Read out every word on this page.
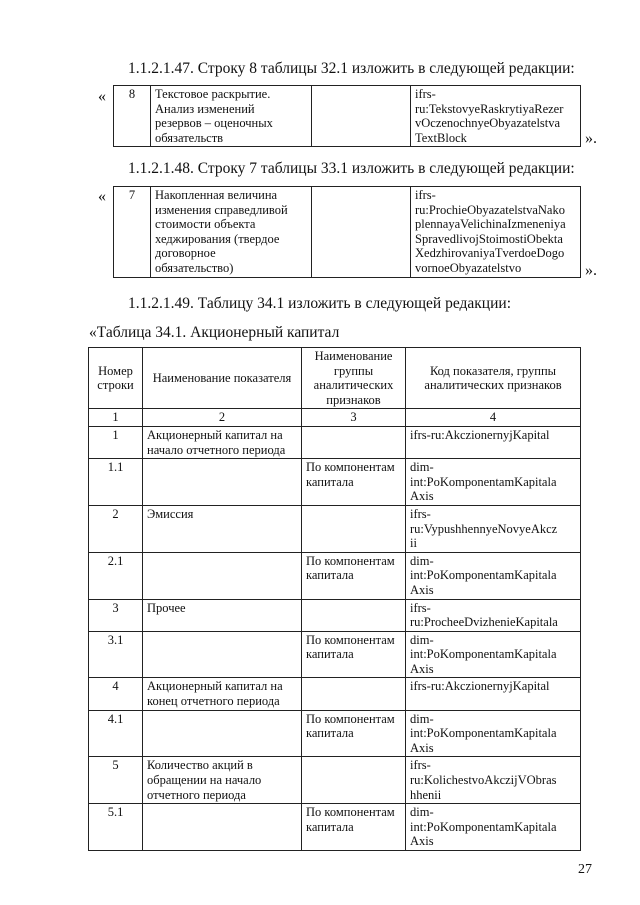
1.1.2.1.47. Строку 8 таблицы 32.1 изложить в следующей редакции:
« 8	Текстовое раскрытие.
Анализ изменений
резервов – оценочных
обязательств		ifrs-
ru:TekstovyeRaskrytiyaRezer
vOczenochnyeObyazatelstva
TextBlock	».
1.1.2.1.48. Строку 7 таблицы 33.1 изложить в следующей редакции:
« 7	Накопленная величина
изменения справедливой
стоимости объекта
хеджирования (твердое
договорное
обязательство)		ifrs-
ru:ProchieObyazatelstvaNako
plennayaVelichinaIzmeneniya
SpravedlivojStoimostiObekta
XedzhirovaniyaTverdoeDogo
vornoeObyazatelstvo	».
1.1.2.1.49. Таблицу 34.1 изложить в следующей редакции:
«Таблица 34.1. Акционерный капитал
Номер
строки	Наименование показателя	Наименование
группы
аналитических
признаков	Код показателя, группы
аналитических признаков
1	2	3	4
1	Акционерный капитал на
начало отчетного периода		ifrs-ru:AkczionernyjKapital
1.1		По компонентам
капитала	dim-
int:PoKomponentamKapitala
Axis
2	Эмиссия		ifrs-
ru:VypushhennyeNovyeAkcz
ii
2.1		По компонентам
капитала	dim-
int:PoKomponentamKapitala
Axis
3	Прочее		ifrs-
ru:ProcheeDvizhenieKapitala
3.1		По компонентам
капитала	dim-
int:PoKomponentamKapitala
Axis
4	Акционерный капитал на
конец отчетного периода		ifrs-ru:AkczionernyjKapital
4.1		По компонентам
капитала	dim-
int:PoKomponentamKapitala
Axis
5	Количество акций в
обращении на начало
отчетного периода		ifrs-
ru:KolichestvoAkczijVObras
hhenii
5.1		По компонентам
капитала	dim-
int:PoKomponentamKapitala
Axis
27
